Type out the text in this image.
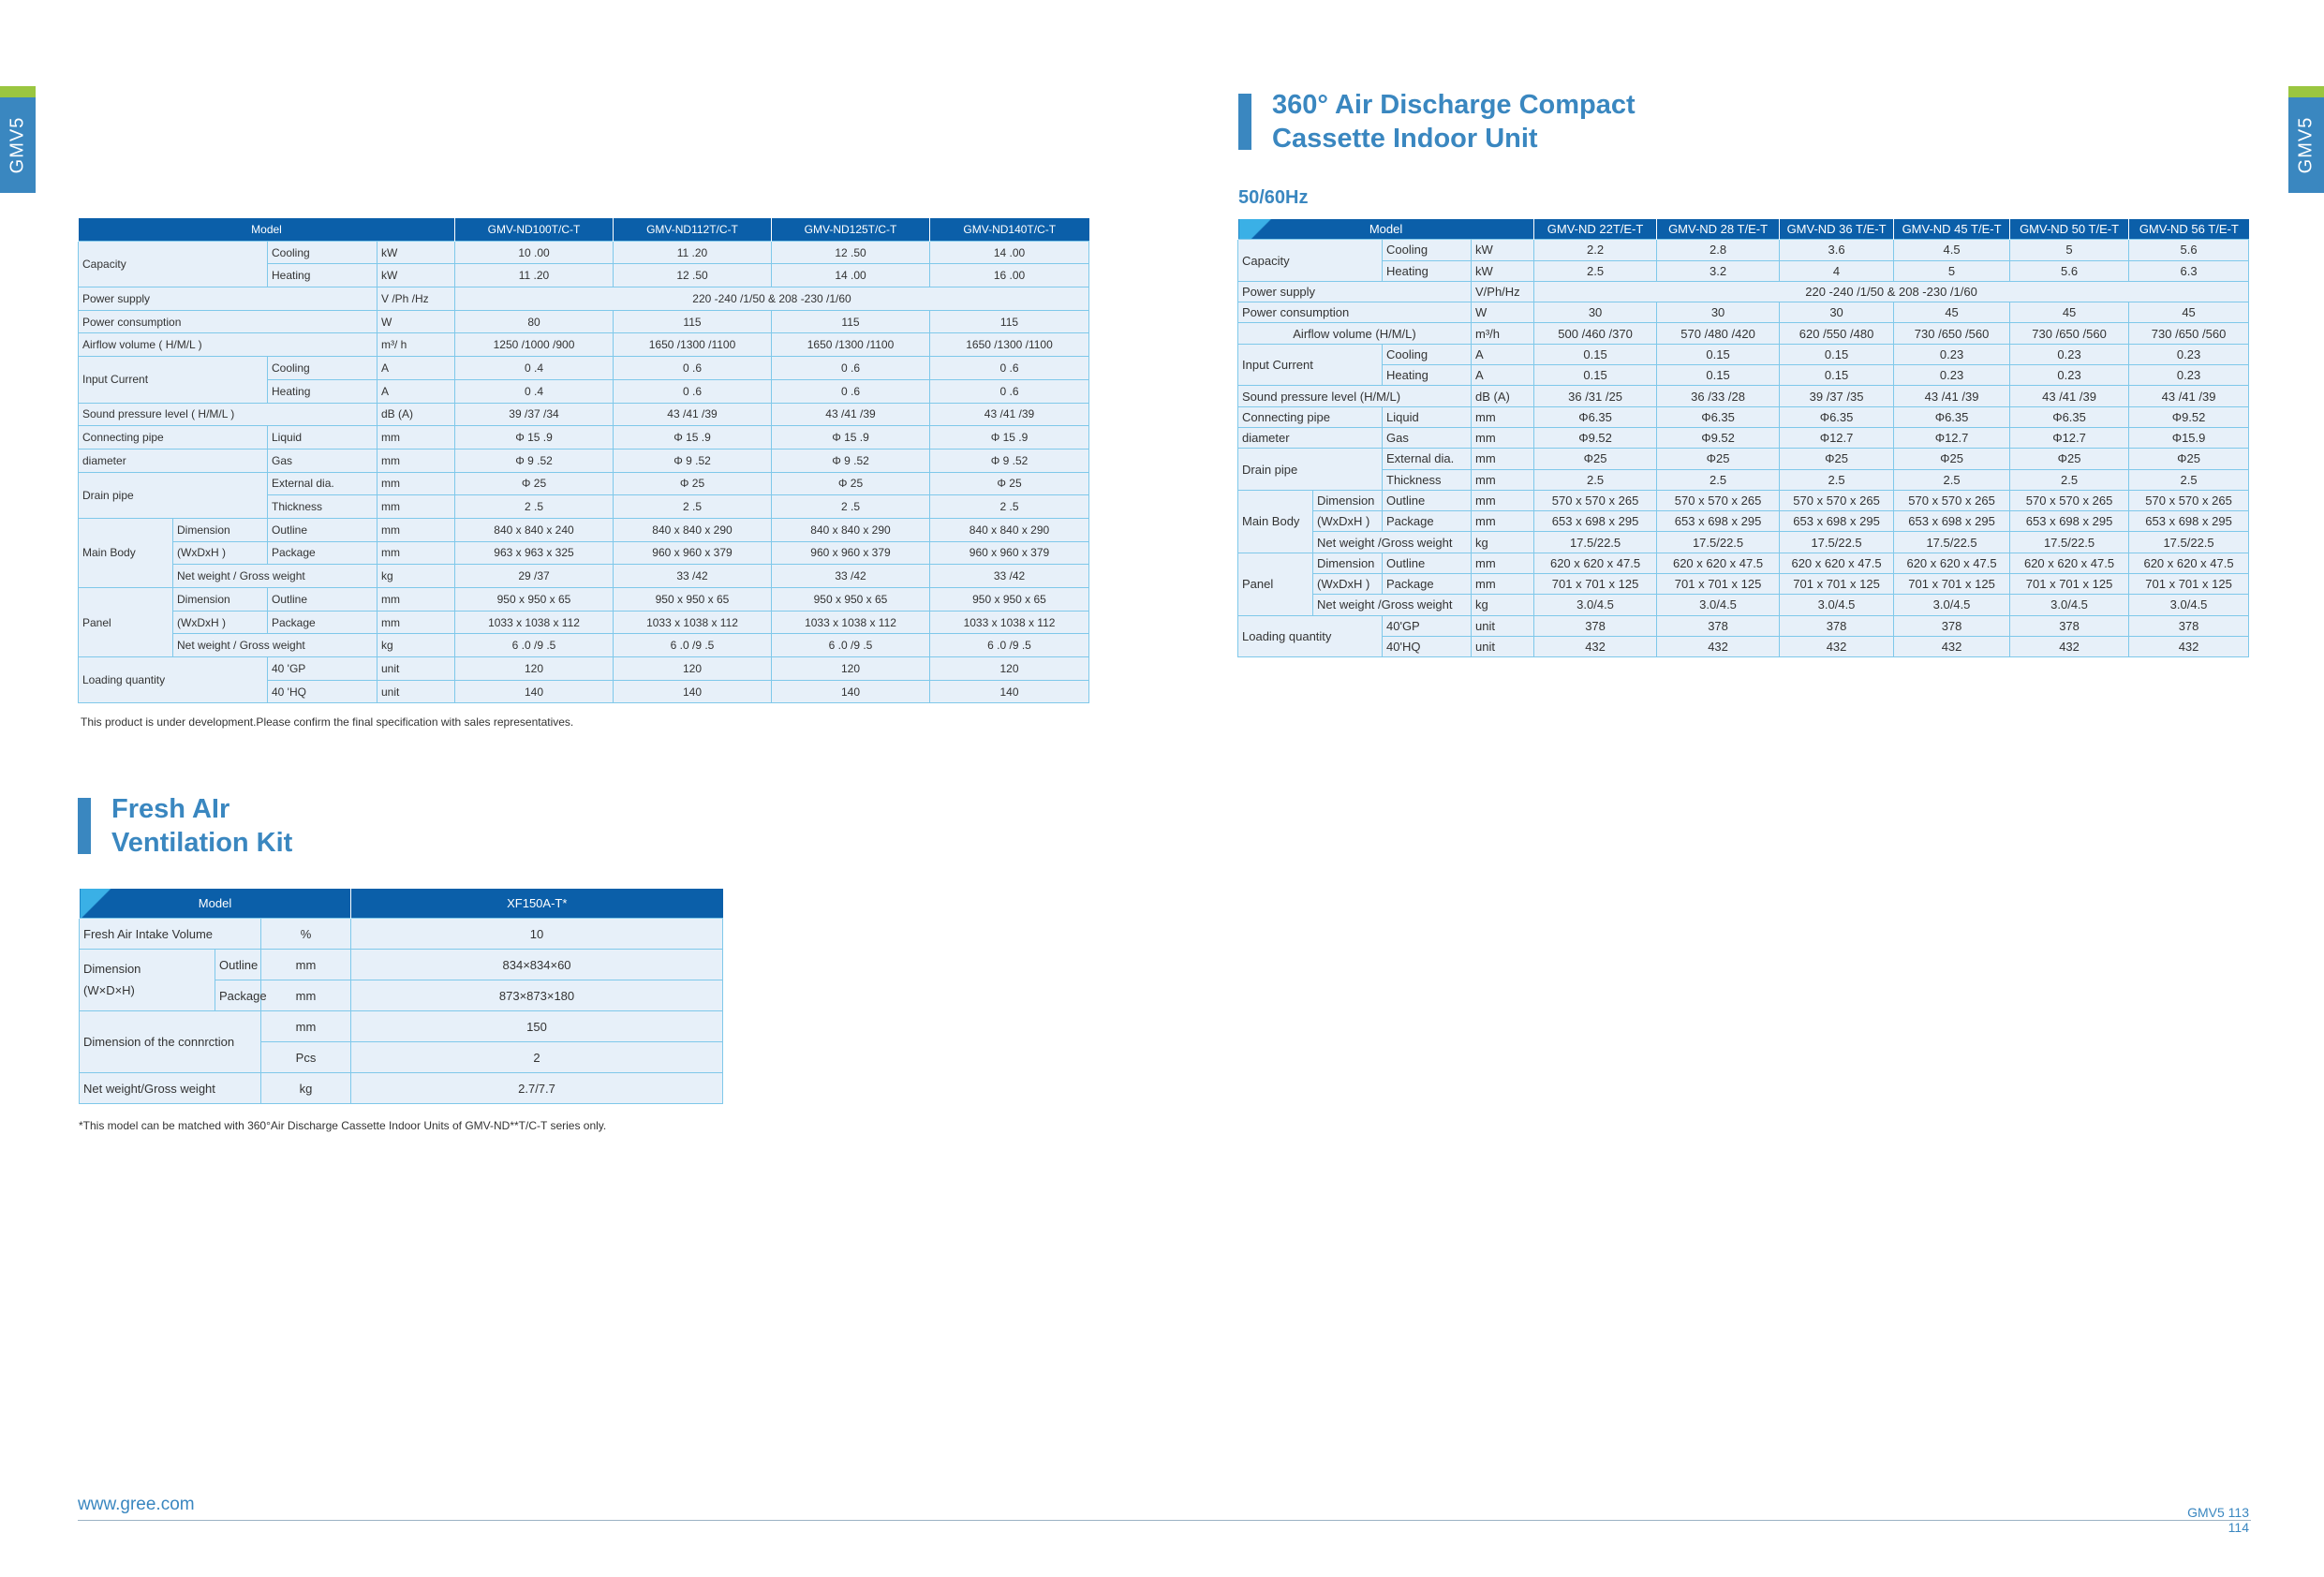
GMV5	GMV5
360° Air Discharge Compact
Cassette Indoor Unit
50/60Hz
Model				GMV-ND100T/C-T	GMV-ND112T/C-T	GMV-ND125T/C-T	GMV-ND140T/C-T
Capacity		Cooling	kW	10 .00	11 .20	12 .50	14 .00
		Heating	kW	11 .20	12 .50	14 .00	16 .00
Power supply			V /Ph /Hz	220 -240 /1/50 & 208 -230 /1/60			
Power consumption			W	80	115	115	115
Airflow volume ( H/M/L )			m³/ h	1250 /1000 /900	1650 /1300 /1100	1650 /1300 /1100	1650 /1300 /1100
Input Current		Cooling	A	0 .4	0 .6	0 .6	0 .6
		Heating	A	0 .4	0 .6	0 .6	0 .6
Sound pressure level ( H/M/L )			dB (A)	39 /37 /34	43 /41 /39	43 /41 /39	43 /41 /39
Connecting pipe		Liquid	mm	Φ 15 .9	Φ 15 .9	Φ 15 .9	Φ 15 .9
diameter		Gas	mm	Φ 9 .52	Φ 9 .52	Φ 9 .52	Φ 9 .52
Drain pipe		External dia.	mm	Φ 25	Φ 25	Φ 25	Φ 25
		Thickness	mm	2 .5	2 .5	2 .5	2 .5
Main Body	Dimension	Outline	mm	840 x 840 x 240	840 x 840 x 290	840 x 840 x 290	840 x 840 x 290
	(WxDxH )	Package	mm	963 x 963 x 325	960 x 960 x 379	960 x 960 x 379	960 x 960 x 379
	Net weight / Gross weight		kg	29 /37	33 /42	33 /42	33 /42
Panel	Dimension	Outline	mm	950 x 950 x 65	950 x 950 x 65	950 x 950 x 65	950 x 950 x 65
	(WxDxH )	Package	mm	1033 x 1038 x 112	1033 x 1038 x 112	1033 x 1038 x 112	1033 x 1038 x 112
	Net weight / Gross weight		kg	6 .0 /9 .5	6 .0 /9 .5	6 .0 /9 .5	6 .0 /9 .5
Loading quantity		40 'GP	unit	120	120	120	120
		40 'HQ	unit	140	140	140	140
This product is under development.Please confirm the final specification with sales representatives.
Model				GMV-ND 22T/E-T	GMV-ND 28 T/E-T	GMV-ND 36 T/E-T	GMV-ND 45 T/E-T	GMV-ND 50 T/E-T	GMV-ND 56 T/E-T
Capacity		Cooling	kW	2.2	2.8	3.6	4.5	5	5.6
		Heating	kW	2.5	3.2	4	5	5.6	6.3
Power supply			V/Ph/Hz	220 -240 /1/50 & 208 -230 /1/60					
Power consumption			W	30	30	30	45	45	45
Airflow volume (H/M/L)			m³/h	500 /460 /370	570 /480 /420	620 /550 /480	730 /650 /560	730 /650 /560	730 /650 /560
Input Current		Cooling	A	0.15	0.15	0.15	0.23	0.23	0.23
		Heating	A	0.15	0.15	0.15	0.23	0.23	0.23
Sound pressure level (H/M/L)			dB (A)	36 /31 /25	36 /33 /28	39 /37 /35	43 /41 /39	43 /41 /39	43 /41 /39
Connecting pipe		Liquid	mm	Φ6.35	Φ6.35	Φ6.35	Φ6.35	Φ6.35	Φ9.52
diameter		Gas	mm	Φ9.52	Φ9.52	Φ12.7	Φ12.7	Φ12.7	Φ15.9
Drain pipe		External dia.	mm	Φ25	Φ25	Φ25	Φ25	Φ25	Φ25
		Thickness	mm	2.5	2.5	2.5	2.5	2.5	2.5
Main Body	Dimension	Outline	mm	570 x 570 x 265	570 x 570 x 265	570 x 570 x 265	570 x 570 x 265	570 x 570 x 265	570 x 570 x 265
	(WxDxH )	Package	mm	653 x 698 x 295	653 x 698 x 295	653 x 698 x 295	653 x 698 x 295	653 x 698 x 295	653 x 698 x 295
	Net weight /Gross weight		kg	17.5/22.5	17.5/22.5	17.5/22.5	17.5/22.5	17.5/22.5	17.5/22.5
Panel	Dimension	Outline	mm	620 x 620 x 47.5	620 x 620 x 47.5	620 x 620 x 47.5	620 x 620 x 47.5	620 x 620 x 47.5	620 x 620 x 47.5
	(WxDxH )	Package	mm	701 x 701 x 125	701 x 701 x 125	701 x 701 x 125	701 x 701 x 125	701 x 701 x 125	701 x 701 x 125
	Net weight /Gross weight		kg	3.0/4.5	3.0/4.5	3.0/4.5	3.0/4.5	3.0/4.5	3.0/4.5
Loading quantity		40'GP	unit	378	378	378	378	378	378
		40'HQ	unit	432	432	432	432	432	432
Fresh AIr
Ventilation Kit
Model			XF150A-T*
Fresh Air Intake Volume		%	10
Dimension
(W×D×H)	Outline	mm	834×834×60
	Package	mm	873×873×180
Dimension of the connrction		mm	150
		Pcs	2
Net weight/Gross weight		kg	2.7/7.7
*This model can be matched with 360°Air Discharge Cassette Indoor Units of GMV-ND**T/C-T series only.
www.gree.com	GMV5 113
114
